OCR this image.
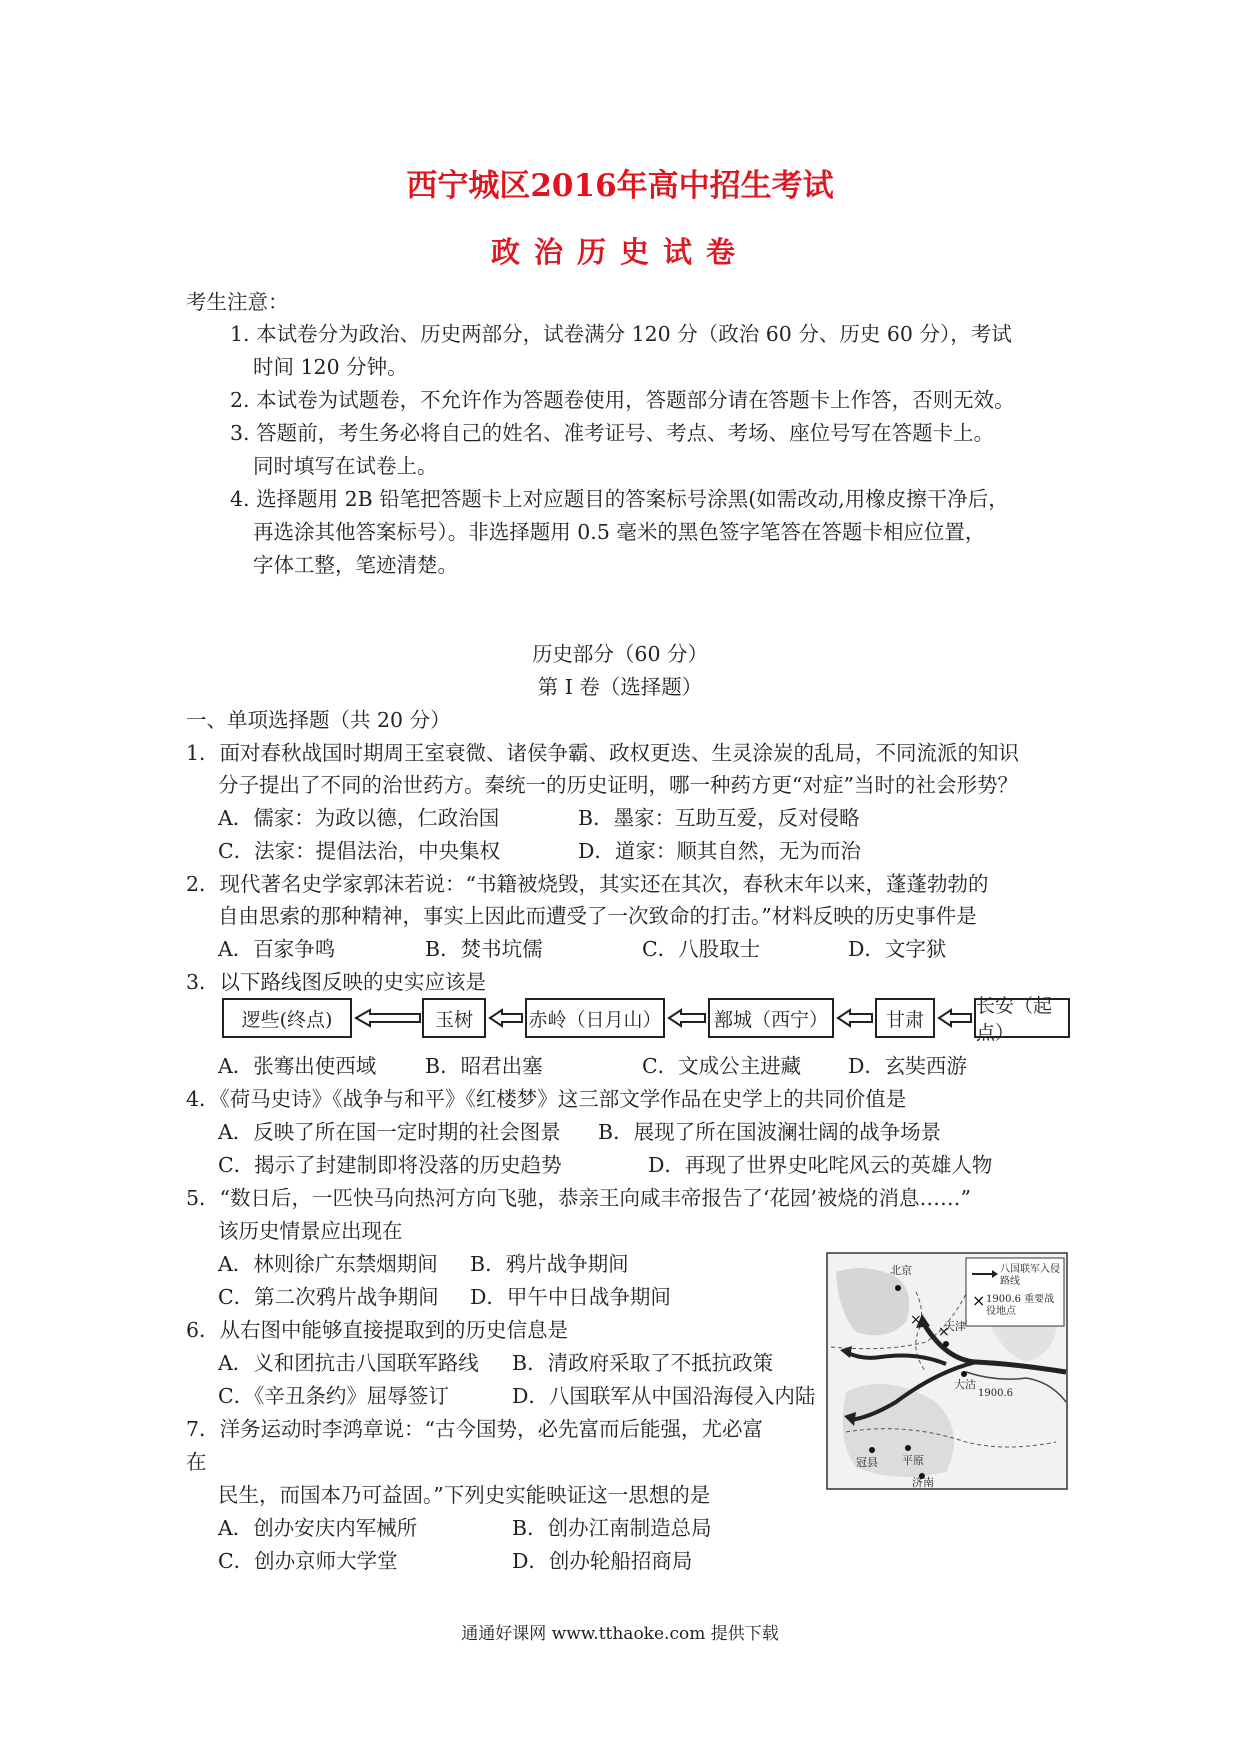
西宁城区2016年高中招生考试
政治历史试卷
考生注意：
1. 本试卷分为政治、历史两部分，试卷满分 120 分（政治 60 分、历史 60 分），考试
时间 120 分钟。
2. 本试卷为试题卷，不允许作为答题卷使用，答题部分请在答题卡上作答，否则无效。
3. 答题前，考生务必将自己的姓名、准考证号、考点、考场、座位号写在答题卡上。
同时填写在试卷上。
4. 选择题用 2B 铅笔把答题卡上对应题目的答案标号涂黑(如需改动,用橡皮擦干净后，
再选涂其他答案标号）。非选择题用 0.5 毫米的黑色签字笔答在答题卡相应位置，
字体工整，笔迹清楚。
历史部分（60 分）
第 I 卷（选择题）
一、单项选择题（共 20 分）
1．面对春秋战国时期周王室衰微、诸侯争霸、政权更迭、生灵涂炭的乱局，不同流派的知识
分子提出了不同的治世药方。秦统一的历史证明，哪一种药方更“对症”当时的社会形势？
A．儒家：为政以德，仁政治国	B．墨家：互助互爱，反对侵略
C．法家：提倡法治，中央集权	D．道家：顺其自然，无为而治
2．现代著名史学家郭沫若说：“书籍被烧毁，其实还在其次，春秋末年以来，蓬蓬勃勃的
自由思索的那种精神，事实上因此而遭受了一次致命的打击。”材料反映的历史事件是
A．百家争鸣	B．焚书坑儒	C．八股取士	D．文字狱
3．以下路线图反映的史实应该是
逻些(终点)	玉树	赤岭（日月山）	鄯城（西宁）	甘肃
长安（起点）
A．张骞出使西域 B．昭君出塞	C．文成公主进藏 D．玄奘西游
4．《荷马史诗》《战争与和平》《红楼梦》这三部文学作品在史学上的共同价值是
A．反映了所在国一定时期的社会图景 B．展现了所在国波澜壮阔的战争场景
C．揭示了封建制即将没落的历史趋势	D．再现了世界史叱咤风云的英雄人物
5．“数日后，一匹快马向热河方向飞驰，恭亲王向咸丰帝报告了‘花园’被烧的消息……”
该历史情景应出现在
A．林则徐广东禁烟期间 B．鸦片战争期间
C．第二次鸦片战争期间 D．甲午中日战争期间
6．从右图中能够直接提取到的历史信息是
A．义和团抗击八国联军路线 B．清政府采取了不抵抗政策
C．《辛丑条约》屈辱签订	D．八国联军从中国沿海侵入内陆
7．洋务运动时李鸿章说：“古今国势，必先富而后能强，尤必富
在
民生，而国本乃可益固。”下列史实能映证这一思想的是
A．创办安庆内军械所	B．创办江南制造总局
C．创办京师大学堂	D．创办轮船招商局
×
×
×
北京
天津
大沽
冠县 平原
济南
1900.6
八国联军入侵路线
1900.6 重要战役地点
通通好课网 www.tthaoke.com 提供下载
